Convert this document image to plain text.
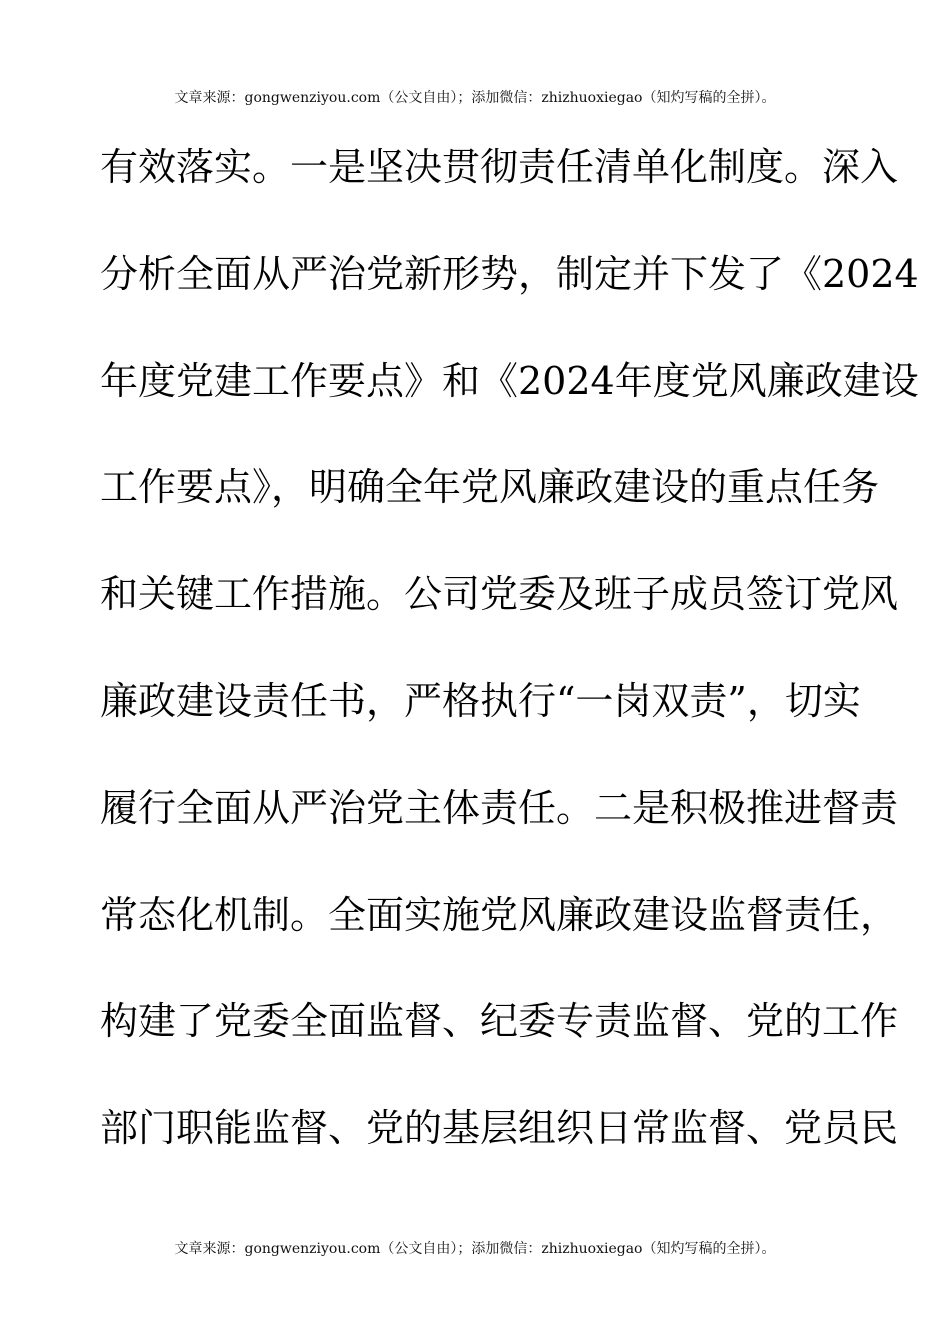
文章来源：gongwenziyou.com（公文自由）；添加微信：zhizhuoxiegao（知灼写稿的全拼）。
有效落实。一是坚决贯彻责任清单化制度。深入
分析全面从严治党新形势，制定并下发了《2024
年度党建工作要点》和《2024年度党风廉政建设
工作要点》，明确全年党风廉政建设的重点任务
和关键工作措施。公司党委及班子成员签订党风
廉政建设责任书，严格执行“一岗双责”，切实
履行全面从严治党主体责任。二是积极推进督责
常态化机制。全面实施党风廉政建设监督责任，
构建了党委全面监督、纪委专责监督、党的工作
部门职能监督、党的基层组织日常监督、党员民
文章来源：gongwenziyou.com（公文自由）；添加微信：zhizhuoxiegao（知灼写稿的全拼）。
